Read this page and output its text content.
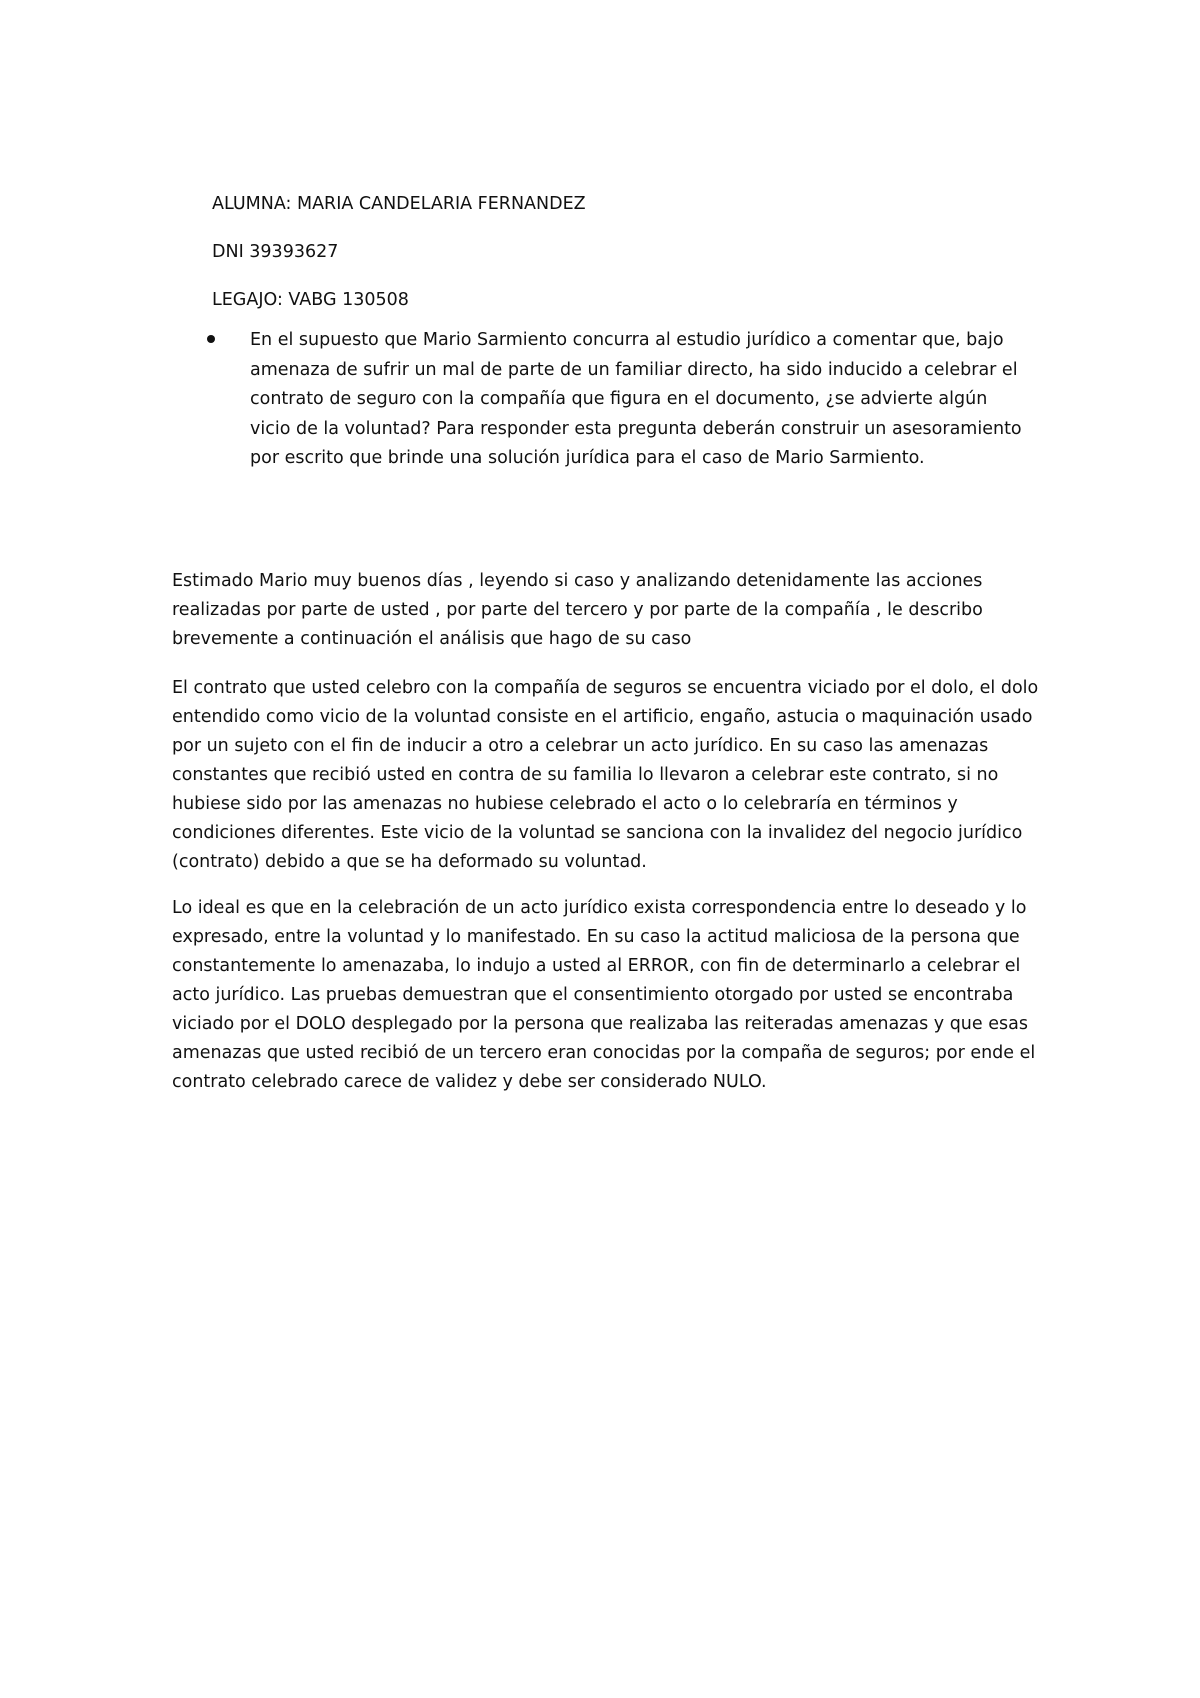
ALUMNA: MARIA CANDELARIA FERNANDEZ
DNI 39393627
LEGAJO: VABG 130508
En el supuesto que Mario Sarmiento concurra al estudio jurídico a comentar que, bajo amenaza de sufrir un mal de parte de un familiar directo, ha sido inducido a celebrar el contrato de seguro con la compañía que figura en el documento, ¿se advierte algún vicio de la voluntad? Para responder esta pregunta deberán construir un asesoramiento por escrito que brinde una solución jurídica para el caso de Mario Sarmiento.
Estimado Mario muy buenos días , leyendo si caso y analizando detenidamente las acciones realizadas por parte de usted , por parte del tercero y por parte de la compañía , le describo brevemente a continuación el análisis que hago de su caso
El contrato que usted celebro con la compañía de seguros se encuentra viciado por el dolo, el dolo entendido como vicio de la voluntad consiste en el artificio, engaño, astucia o maquinación usado por un sujeto con el fin de inducir a otro a celebrar un acto jurídico. En su caso las amenazas constantes que recibió usted en contra de su familia lo llevaron a celebrar este contrato, si no hubiese sido por las amenazas no hubiese celebrado el acto o lo celebraría en términos y condiciones diferentes. Este vicio de la voluntad se sanciona con la invalidez del negocio jurídico (contrato) debido a que se ha deformado su voluntad.
Lo ideal es que en la celebración de un acto jurídico exista correspondencia entre lo deseado y lo expresado, entre la voluntad y lo manifestado. En su caso la actitud maliciosa de la persona que constantemente lo amenazaba, lo indujo a usted al ERROR, con fin de determinarlo a celebrar el acto jurídico. Las pruebas demuestran que el consentimiento otorgado por usted se encontraba viciado por el DOLO desplegado por la persona que realizaba las reiteradas amenazas y que esas amenazas que usted recibió de un tercero eran conocidas por la compaña de seguros; por ende el contrato celebrado carece de validez y debe ser considerado NULO.
